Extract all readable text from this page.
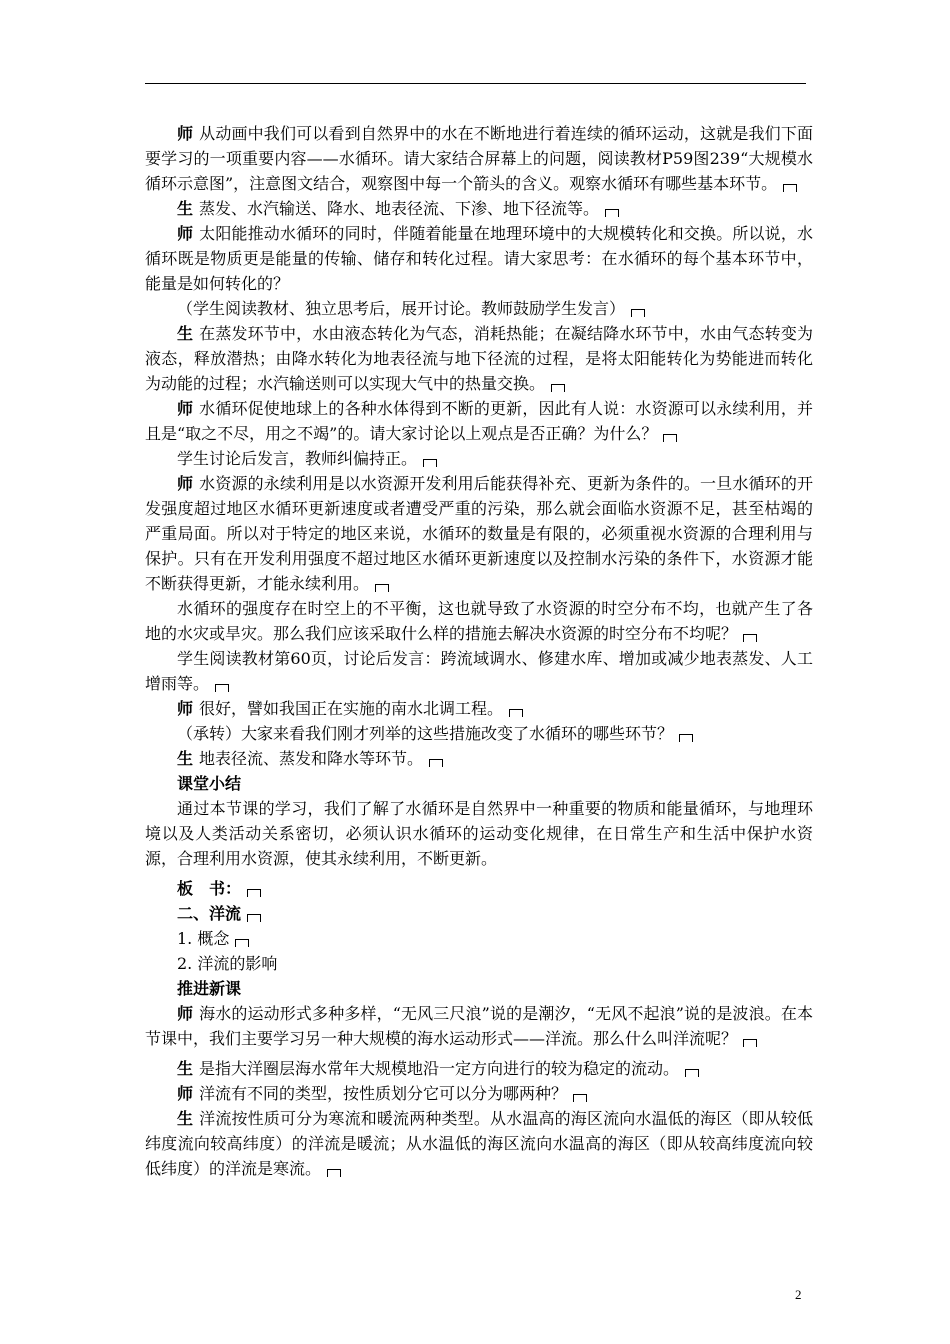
师 从动画中我们可以看到自然界中的水在不断地进行着连续的循环运动，这就是我们下面要学习的一项重要内容——水循环。请大家结合屏幕上的问题，阅读教材P59图239“大规模水循环示意图”，注意图文结合，观察图中每一个箭头的含义。观察水循环有哪些基本环节。

生 蒸发、水汽输送、降水、地表径流、下渗、地下径流等。

师 太阳能推动水循环的同时，伴随着能量在地理环境中的大规模转化和交换。所以说，水循环既是物质更是能量的传输、储存和转化过程。请大家思考：在水循环的每个基本环节中，能量是如何转化的？

（学生阅读教材、独立思考后，展开讨论。教师鼓励学生发言）

生 在蒸发环节中，水由液态转化为气态，消耗热能；在凝结降水环节中，水由气态转变为液态，释放潜热；由降水转化为地表径流与地下径流的过程，是将太阳能转化为势能进而转化为动能的过程；水汽输送则可以实现大气中的热量交换。

师 水循环促使地球上的各种水体得到不断的更新，因此有人说：水资源可以永续利用，并且是“取之不尽，用之不竭”的。请大家讨论以上观点是否正确？为什么？

学生讨论后发言，教师纠偏持正。

师 水资源的永续利用是以水资源开发利用后能获得补充、更新为条件的。一旦水循环的开发强度超过地区水循环更新速度或者遭受严重的污染，那么就会面临水资源不足，甚至枯竭的严重局面。所以对于特定的地区来说，水循环的数量是有限的，必须重视水资源的合理利用与保护。只有在开发利用强度不超过地区水循环更新速度以及控制水污染的条件下，水资源才能不断获得更新，才能永续利用。

水循环的强度存在时空上的不平衡，这也就导致了水资源的时空分布不均，也就产生了各地的水灾或旱灾。那么我们应该采取什么样的措施去解决水资源的时空分布不均呢？

学生阅读教材第60页，讨论后发言：跨流域调水、修建水库、增加或减少地表蒸发、人工增雨等。

师 很好，譬如我国正在实施的南水北调工程。

（承转）大家来看我们刚才列举的这些措施改变了水循环的哪些环节？

生 地表径流、蒸发和降水等环节。

课堂小结

通过本节课的学习，我们了解了水循环是自然界中一种重要的物质和能量循环，与地理环境以及人类活动关系密切，必须认识水循环的运动变化规律，在日常生产和生活中保护水资源，合理利用水资源，使其永续利用，不断更新。

板　书：

二、洋流

1. 概念

2. 洋流的影响

推进新课

师 海水的运动形式多种多样，“无风三尺浪”说的是潮汐，“无风不起浪”说的是波浪。在本节课中，我们主要学习另一种大规模的海水运动形式——洋流。那么什么叫洋流呢？

生 是指大洋圈层海水常年大规模地沿一定方向进行的较为稳定的流动。

师 洋流有不同的类型，按性质划分它可以分为哪两种？

生 洋流按性质可分为寒流和暖流两种类型。从水温高的海区流向水温低的海区（即从较低纬度流向较高纬度）的洋流是暖流；从水温低的海区流向水温高的海区（即从较高纬度流向较低纬度）的洋流是寒流。

2
